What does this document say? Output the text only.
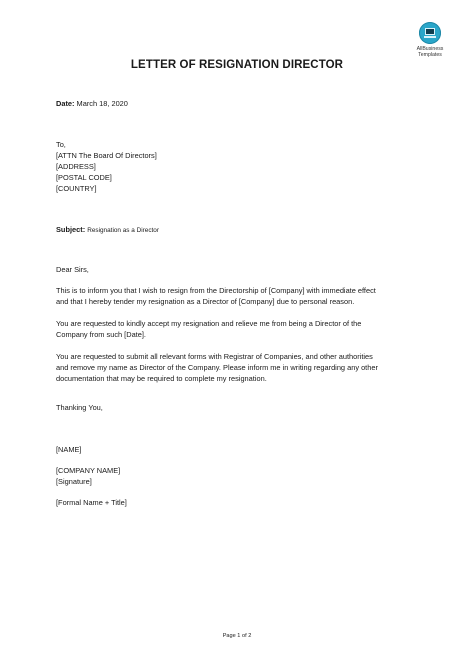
AllBusiness
Templates
LETTER OF RESIGNATION DIRECTOR
Date: March 18, 2020
To,
[ATTN The Board Of Directors]
[ADDRESS]
[POSTAL CODE]
[COUNTRY]
Subject: Resignation as a Director
Dear Sirs,
This is to inform you that I wish to resign from the Directorship of [Company] with immediate effect
and that I hereby tender my resignation as a Director of [Company] due to personal reason.
You are requested to kindly accept my resignation and relieve me from being a Director of the
Company from such [Date].
You are requested to submit all relevant forms with Registrar of Companies, and other authorities
and remove my name as Director of the Company. Please inform me in writing regarding any other
documentation that may be required to complete my resignation.
Thanking You,
[NAME]
[COMPANY NAME]
[Signature]
[Formal Name + Title]
Page 1 of 2
